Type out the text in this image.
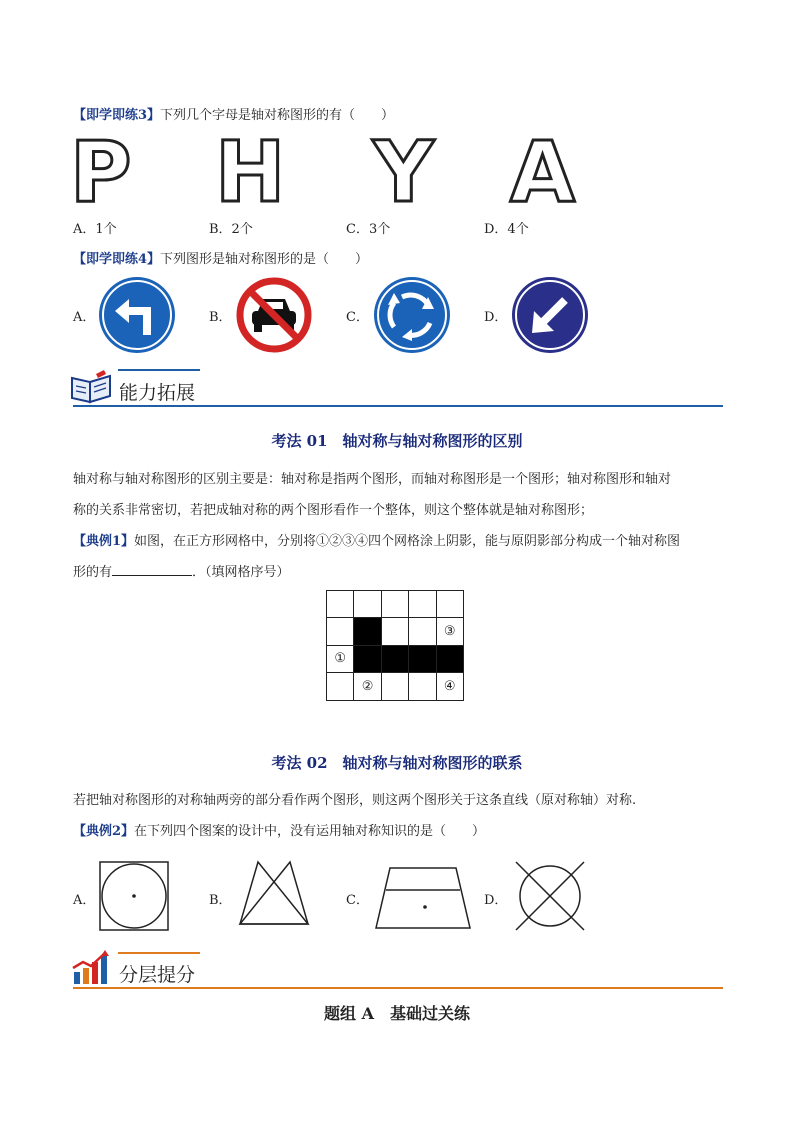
【即学即练3】下列几个字母是轴对称图形的有（　　）
P H Y A
A．1个	B．2个	C．3个	D．4个
【即学即练4】下列图形是轴对称图形的是（　　）
A．	B．	C．	D．
能力拓展
考法 01　轴对称与轴对称图形的区别
轴对称与轴对称图形的区别主要是：轴对称是指两个图形，而轴对称图形是一个图形；轴对称图形和轴对
称的关系非常密切，若把成轴对称的两个图形看作一个整体，则这个整体就是轴对称图形；
【典例1】如图，在正方形网格中，分别将①②③④四个网格涂上阴影，能与原阴影部分构成一个轴对称图
形的有	．（填网格序号）

				③
①				
	②			④
考法 02　轴对称与轴对称图形的联系
若把轴对称图形的对称轴两旁的部分看作两个图形，则这两个图形关于这条直线（原对称轴）对称.
【典例2】在下列四个图案的设计中，没有运用轴对称知识的是（　　）
A．	B．	C．	D．
分层提分
题组 A　基础过关练
